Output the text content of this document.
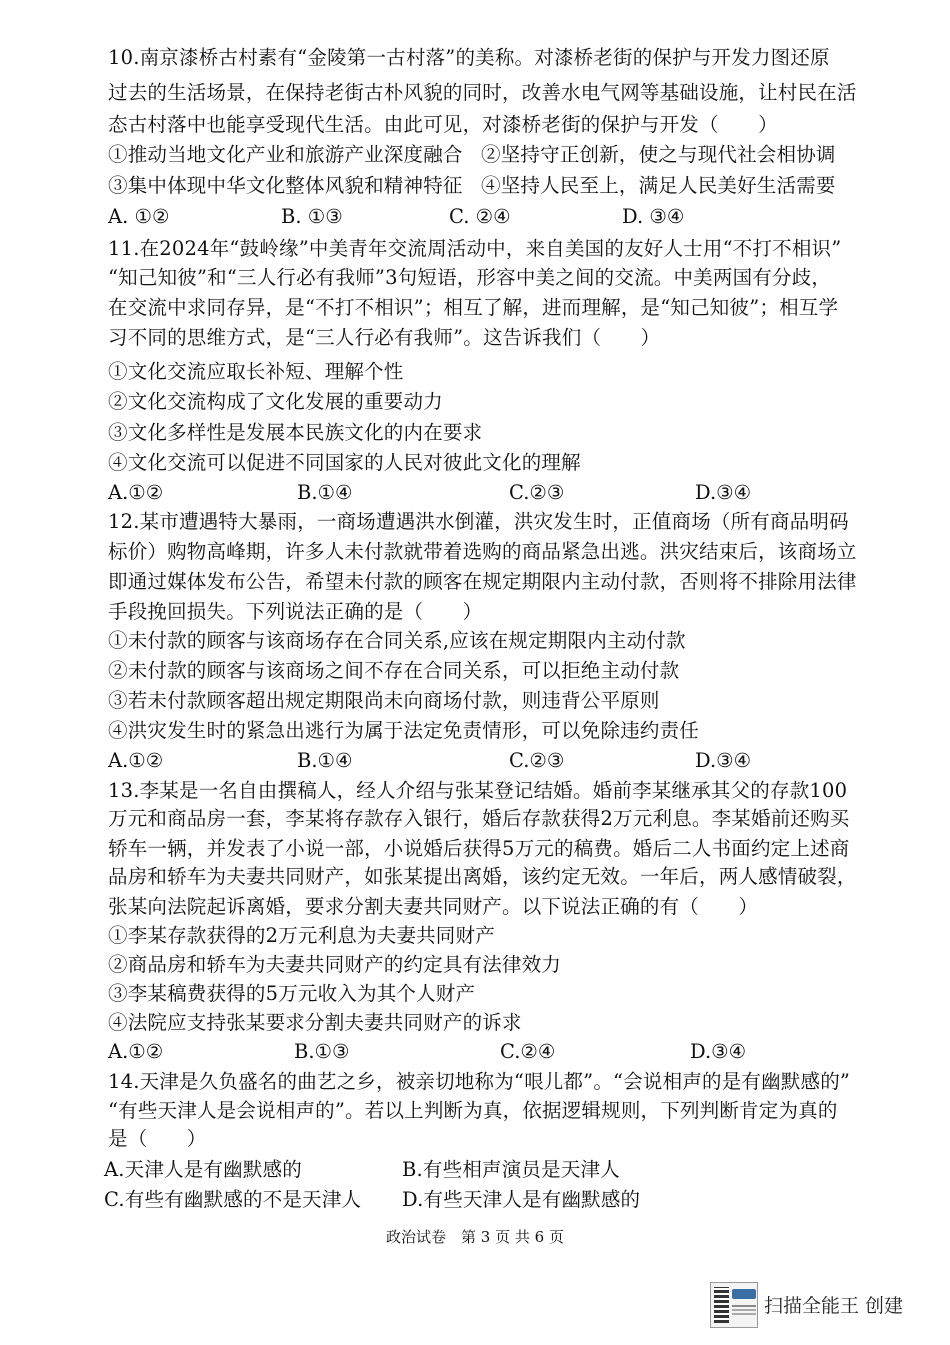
10.南京漆桥古村素有“金陵第一古村落”的美称。对漆桥老街的保护与开发力图还原
过去的生活场景，在保持老街古朴风貌的同时，改善水电气网等基础设施，让村民在活
态古村落中也能享受现代生活。由此可见，对漆桥老街的保护与开发（　　）
①推动当地文化产业和旅游产业深度融合 ②坚持守正创新，使之与现代社会相协调
③集中体现中华文化整体风貌和精神特征 ④坚持人民至上，满足人民美好生活需要
A. ①②	B. ①③	C. ②④	D. ③④
11.在2024年“鼓岭缘”中美青年交流周活动中，来自美国的友好人士用“不打不相识”
“知己知彼”和“三人行必有我师”3句短语，形容中美之间的交流。中美两国有分歧，
在交流中求同存异，是“不打不相识”；相互了解，进而理解，是“知己知彼”；相互学
习不同的思维方式，是“三人行必有我师”。这告诉我们（　　）
①文化交流应取长补短、理解个性
②文化交流构成了文化发展的重要动力
③文化多样性是发展本民族文化的内在要求
④文化交流可以促进不同国家的人民对彼此文化的理解
A.①②	B.①④	C.②③	D.③④
12.某市遭遇特大暴雨，一商场遭遇洪水倒灌，洪灾发生时，正值商场（所有商品明码
标价）购物高峰期，许多人未付款就带着选购的商品紧急出逃。洪灾结束后，该商场立
即通过媒体发布公告，希望未付款的顾客在规定期限内主动付款，否则将不排除用法律
手段挽回损失。下列说法正确的是（　　）
①未付款的顾客与该商场存在合同关系,应该在规定期限内主动付款
②未付款的顾客与该商场之间不存在合同关系，可以拒绝主动付款
③若未付款顾客超出规定期限尚未向商场付款，则违背公平原则
④洪灾发生时的紧急出逃行为属于法定免责情形，可以免除违约责任
A.①②	B.①④	C.②③	D.③④
13.李某是一名自由撰稿人，经人介绍与张某登记结婚。婚前李某继承其父的存款100
万元和商品房一套，李某将存款存入银行，婚后存款获得2万元利息。李某婚前还购买
轿车一辆，并发表了小说一部，小说婚后获得5万元的稿费。婚后二人书面约定上述商
品房和轿车为夫妻共同财产，如张某提出离婚，该约定无效。一年后，两人感情破裂，
张某向法院起诉离婚，要求分割夫妻共同财产。以下说法正确的有（　　）
①李某存款获得的2万元利息为夫妻共同财产
②商品房和轿车为夫妻共同财产的约定具有法律效力
③李某稿费获得的5万元收入为其个人财产
④法院应支持张某要求分割夫妻共同财产的诉求
A.①②	B.①③	C.②④	D.③④
14.天津是久负盛名的曲艺之乡，被亲切地称为“哏儿都”。“会说相声的是有幽默感的”
“有些天津人是会说相声的”。若以上判断为真，依据逻辑规则，下列判断肯定为真的
是（　　）
A.天津人是有幽默感的	B.有些相声演员是天津人
C.有些有幽默感的不是天津人 D.有些天津人是有幽默感的
政治试卷　第 3 页 共 6 页
扫描全能王 创建
